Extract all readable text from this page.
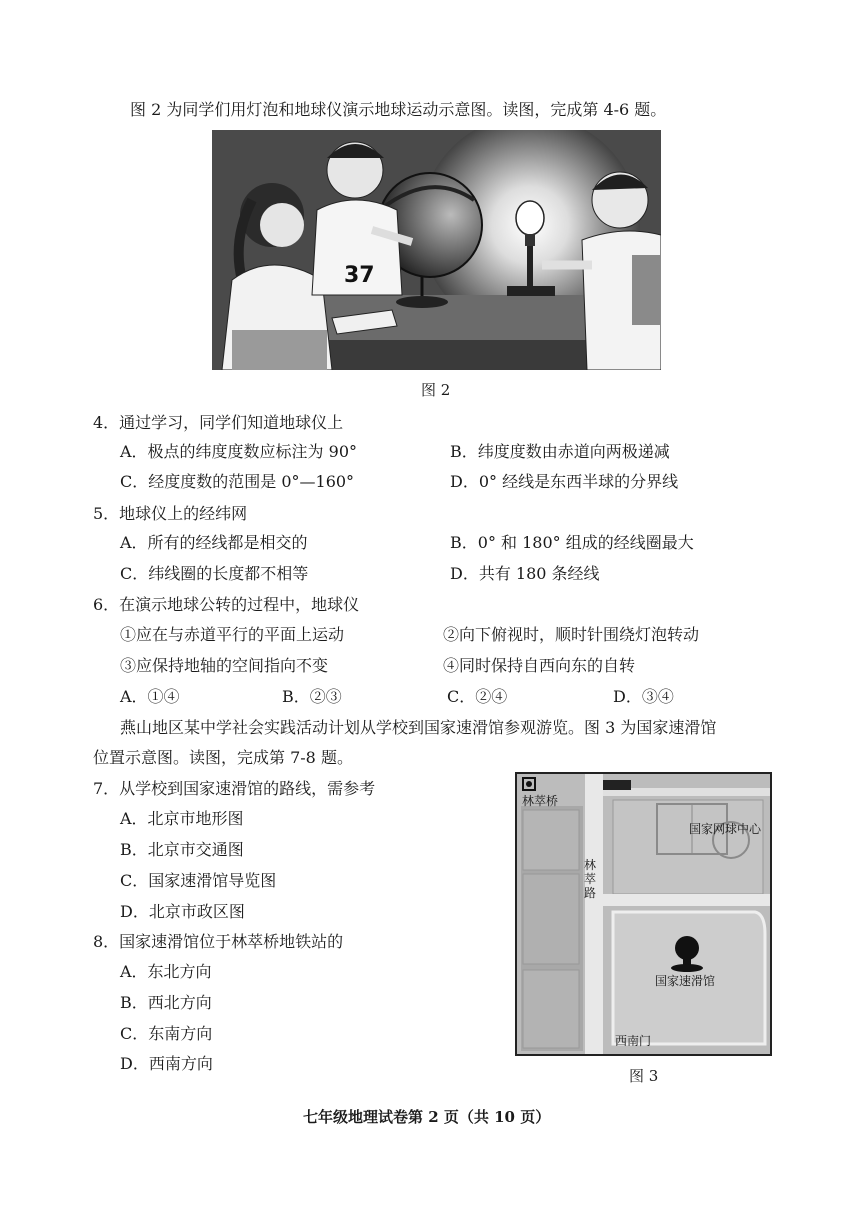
图 2 为同学们用灯泡和地球仪演示地球运动示意图。读图，完成第 4-6 题。
37
图 2
4．通过学习，同学们知道地球仪上
A．极点的纬度度数应标注为 90°	B．纬度度数由赤道向两极递减
C．经度度数的范围是 0°—160°	D．0° 经线是东西半球的分界线
5．地球仪上的经纬网
A．所有的经线都是相交的	B．0° 和 180° 组成的经线圈最大
C．纬线圈的长度都不相等	D．共有 180 条经线
6．在演示地球公转的过程中，地球仪
①应在与赤道平行的平面上运动	②向下俯视时，顺时针围绕灯泡转动
③应保持地轴的空间指向不变	④同时保持自西向东的自转
A．①④	B．②③	C．②④	D．③④
燕山地区某中学社会实践活动计划从学校到国家速滑馆参观游览。图 3 为国家速滑馆
位置示意图。读图，完成第 7-8 题。
7．从学校到国家速滑馆的路线，需参考
A．北京市地形图
B．北京市交通图
C．国家速滑馆导览图
D．北京市政区图
8．国家速滑馆位于林萃桥地铁站的
A．东北方向
B．西北方向
C．东南方向
D．西南方向
林萃桥
国家网球中心
林萃路
国家速滑馆
西南门
图 3
七年级地理试卷第 2 页（共 10 页）
